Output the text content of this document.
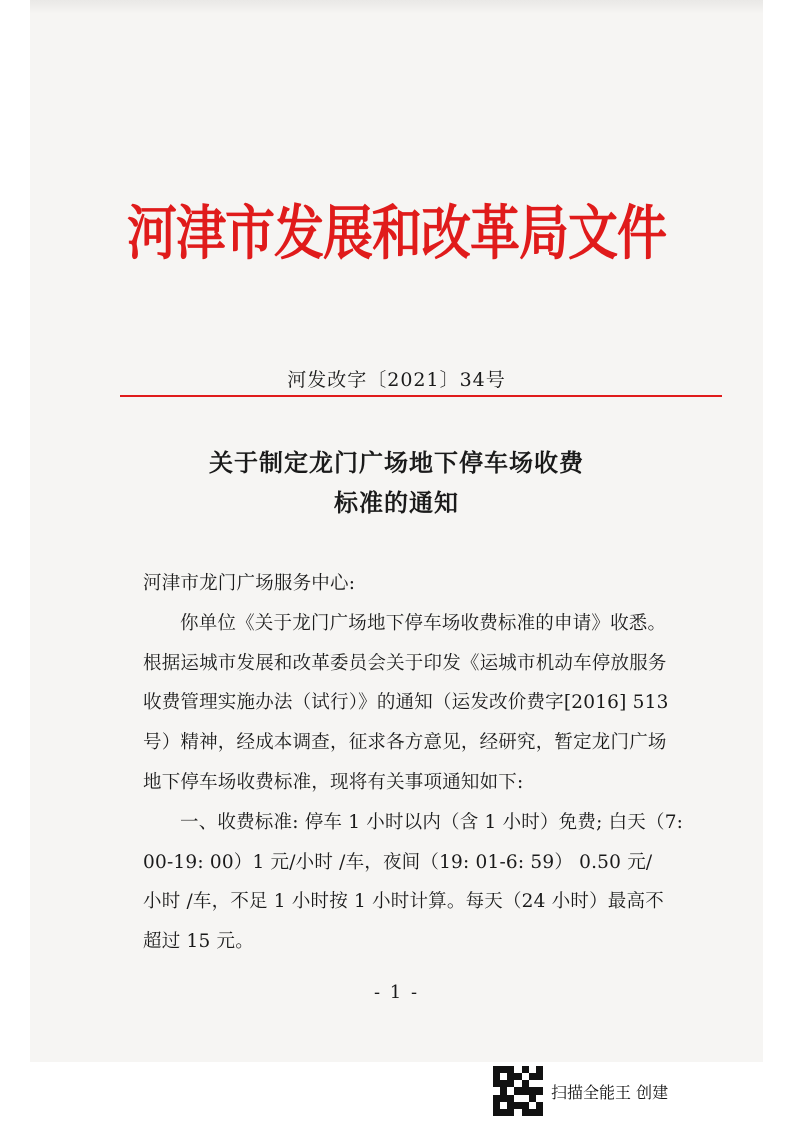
河津市发展和改革局文件
河发改字〔2021〕34号
关于制定龙门广场地下停车场收费
标准的通知
河津市龙门广场服务中心:
你单位《关于龙门广场地下停车场收费标准的申请》收悉。
根据运城市发展和改革委员会关于印发《运城市机动车停放服务
收费管理实施办法（试行）》的通知（运发改价费字[2016] 513
号）精神，经成本调查，征求各方意见，经研究，暂定龙门广场
地下停车场收费标准，现将有关事项通知如下:
一、收费标准: 停车 1 小时以内（含 1 小时）免费; 白天（7:
00-19: 00）1 元/小时 /车，夜间（19: 01-6: 59） 0.50 元/
小时 /车，不足 1 小时按 1 小时计算。每天（24 小时）最高不
超过 15 元。
- 1 -
扫描全能王 创建
